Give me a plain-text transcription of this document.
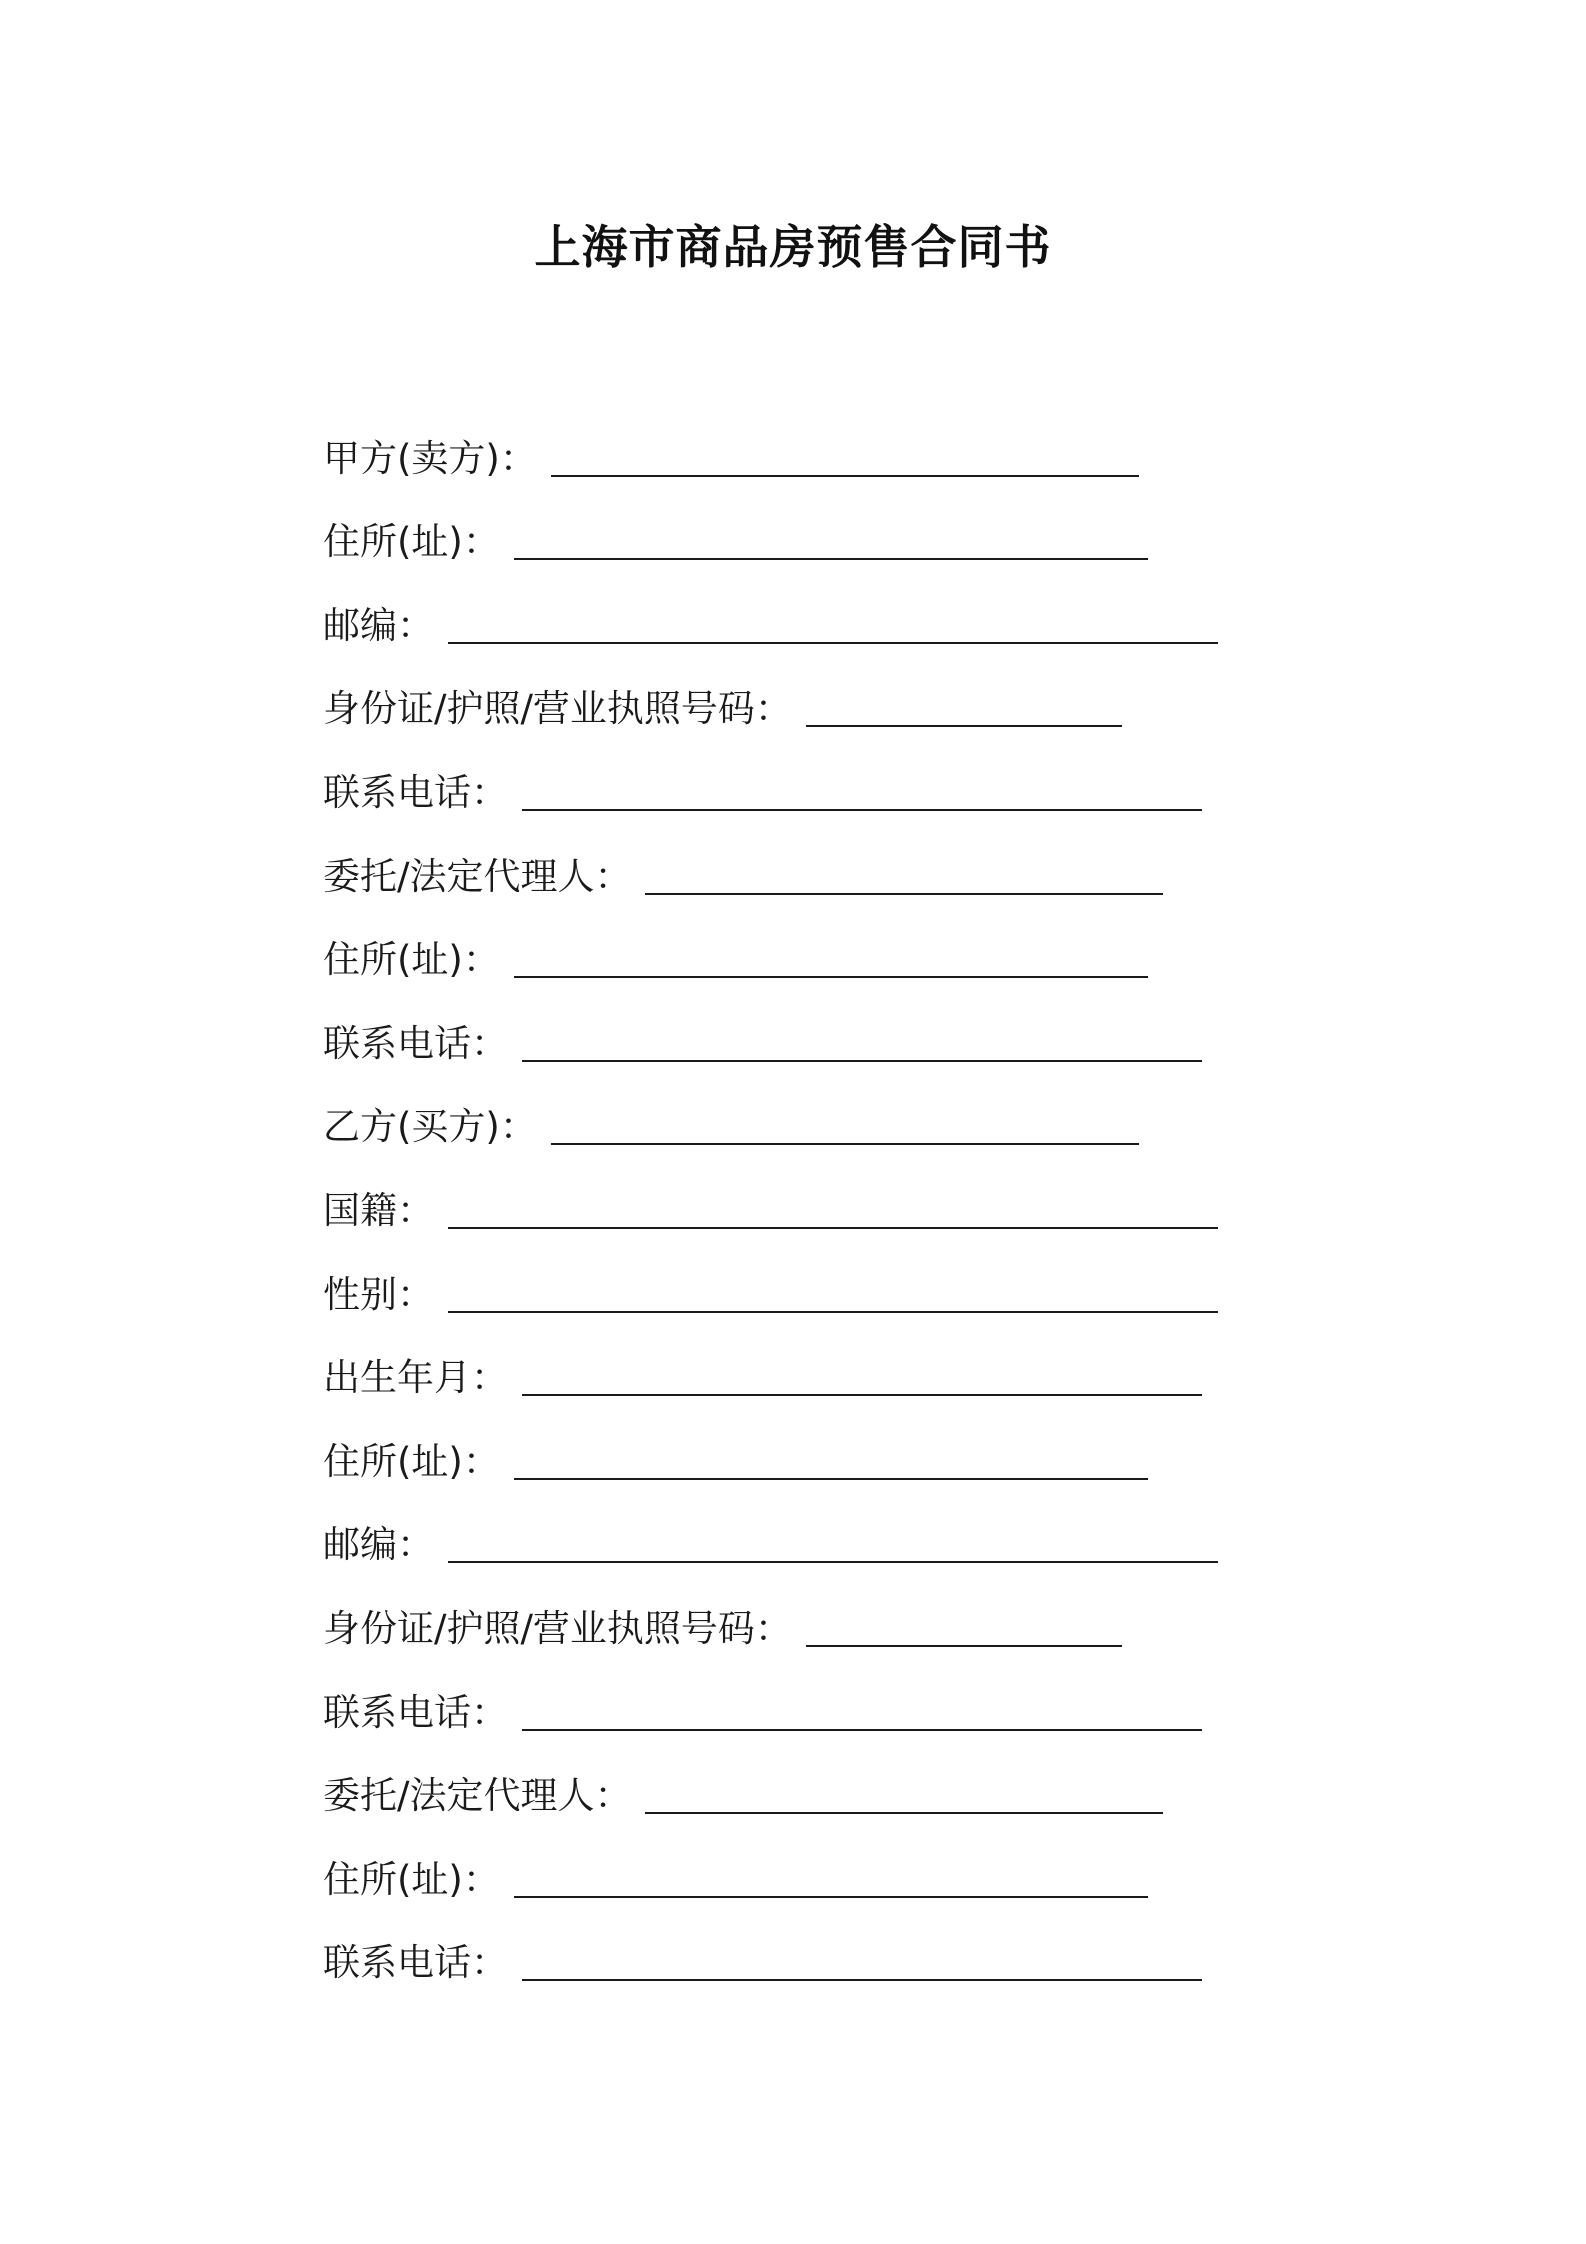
上海市商品房预售合同书
甲方(卖方)：
住所(址)：
邮编：
身份证/护照/营业执照号码：
联系电话：
委托/法定代理人：
住所(址)：
联系电话：
乙方(买方)：
国籍：
性别：
出生年月：
住所(址)：
邮编：
身份证/护照/营业执照号码：
联系电话：
委托/法定代理人：
住所(址)：
联系电话：
